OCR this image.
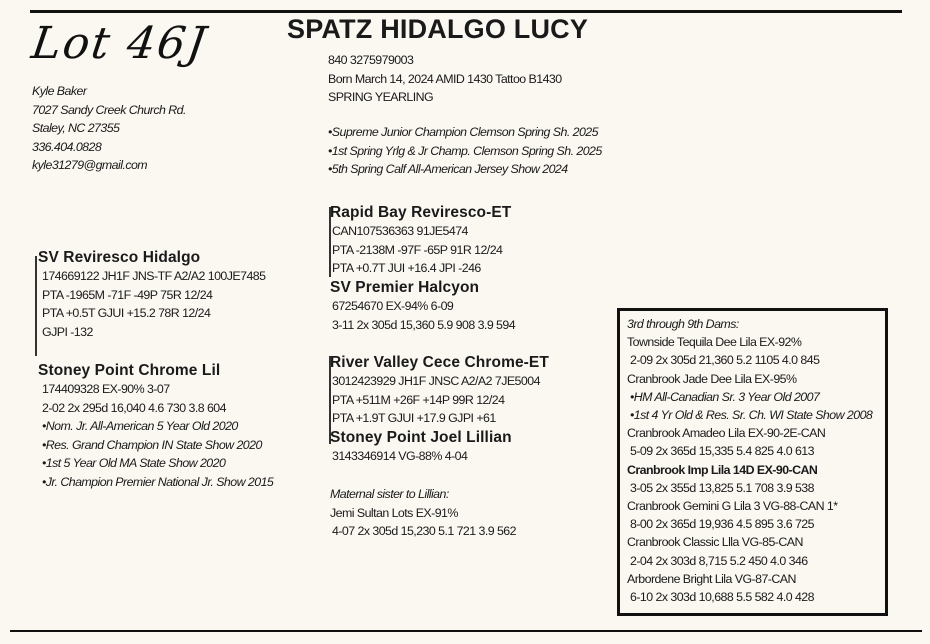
Lot 46J	SPATZ HIDALGO LUCY
840 3275979003
Born March 14, 2024 AMID 1430 Tattoo B1430
SPRING YEARLING
Kyle Baker
7027 Sandy Creek Church Rd.
Staley, NC 27355
336.404.0828
kyle31279@gmail.com
•Supreme Junior Champion Clemson Spring Sh. 2025
•1st Spring Yrlg & Jr Champ. Clemson Spring Sh. 2025
•5th Spring Calf All-American Jersey Show 2024
Rapid Bay Reviresco-ET
CAN107536363 91JE5474
PTA -2138M -97F -65P 91R 12/24
PTA +0.7T JUI +16.4 JPI -246
SV Premier Halcyon
67254670 EX-94% 6-09
3-11 2x 305d 15,360 5.9 908 3.9 594
SV Reviresco Hidalgo
174669122 JH1F JNS-TF A2/A2 100JE7485
PTA -1965M -71F -49P 75R 12/24
PTA +0.5T GJUI +15.2 78R 12/24
GJPI -132
Stoney Point Chrome Lil
174409328 EX-90% 3-07
2-02 2x 295d 16,040 4.6 730 3.8 604
•Nom. Jr. All-American 5 Year Old 2020
•Res. Grand Champion IN State Show 2020
•1st 5 Year Old MA State Show 2020
•Jr. Champion Premier National Jr. Show 2015
River Valley Cece Chrome-ET
3012423929 JH1F JNSC A2/A2 7JE5004
PTA +511M +26F +14P 99R 12/24
PTA +1.9T GJUI +17.9 GJPI +61
Stoney Point Joel Lillian
3143346914 VG-88% 4-04
Maternal sister to Lillian:
Jemi Sultan Lots EX-91%
4-07 2x 305d 15,230 5.1 721 3.9 562
3rd through 9th Dams:
Townside Tequila Dee Lila EX-92%
2-09 2x 305d 21,360 5.2 1105 4.0 845
Cranbrook Jade Dee Lila EX-95%
•HM All-Canadian Sr. 3 Year Old 2007
•1st 4 Yr Old & Res. Sr. Ch. WI State Show 2008
Cranbrook Amadeo Lila EX-90-2E-CAN
5-09 2x 365d 15,335 5.4 825 4.0 613
Cranbrook Imp Lila 14D EX-90-CAN
3-05 2x 355d 13,825 5.1 708 3.9 538
Cranbrook Gemini G Lila 3 VG-88-CAN 1*
8-00 2x 365d 19,936 4.5 895 3.6 725
Cranbrook Classic Llla VG-85-CAN
2-04 2x 303d 8,715 5.2 450 4.0 346
Arbordene Bright Lila VG-87-CAN
6-10 2x 303d 10,688 5.5 582 4.0 428
